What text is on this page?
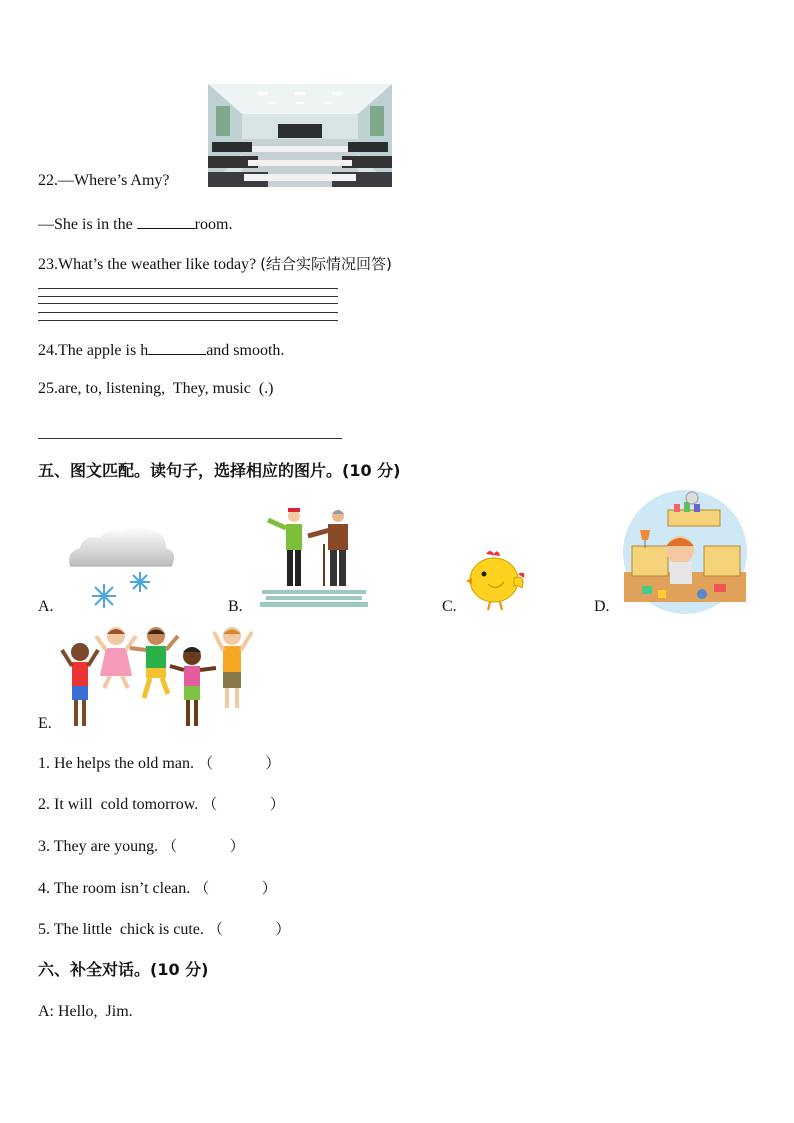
22.—Where’s Amy?
—She is in the	room.
23.What’s the weather like today? (结合实际情况回答)
24.The apple is h	and smooth.
25.are, to, listening,  They, music  (.)
五、图文匹配。读句子，选择相应的图片。(10 分)
A.	B.	C.	D.
E.
1. He helps the old man. （           ）
2. It will  cold tomorrow. （           ）
3. They are young. （           ）
4. The room isn’t clean. （           ）
5. The little  chick is cute. （           ）
六、补全对话。(10 分)
A: Hello,  Jim.
